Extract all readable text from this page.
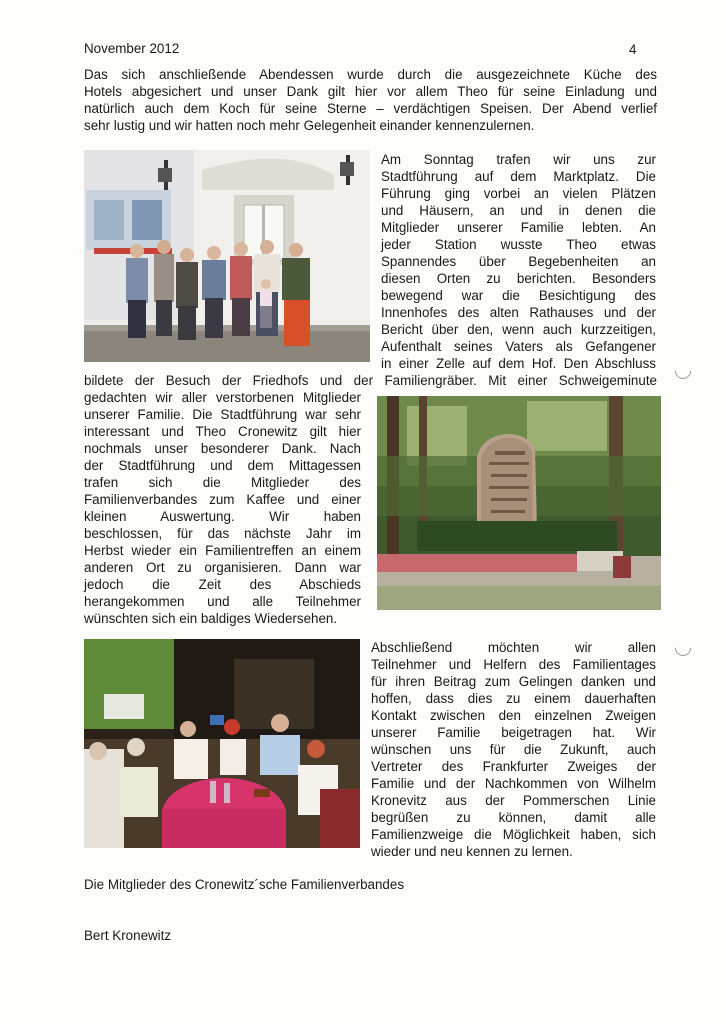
November 2012	4
Das sich anschließende Abendessen wurde durch die ausgezeichnete Küche des
Hotels abgesichert und unser Dank gilt hier vor allem Theo für seine Einladung und
natürlich auch dem Koch für seine Sterne – verdächtigen Speisen. Der Abend verlief
sehr lustig und wir hatten noch mehr Gelegenheit einander kennenzulernen.
Am Sonntag trafen wir uns zur
Stadtführung auf dem Marktplatz. Die
Führung ging vorbei an vielen Plätzen
und Häusern, an und in denen die
Mitglieder unserer Familie lebten. An
jeder Station wusste Theo etwas
Spannendes über Begebenheiten an
diesen Orten zu berichten. Besonders
bewegend war die Besichtigung des
Innenhofes des alten Rathauses und der
Bericht über den, wenn auch kurzzeitigen,
Aufenthalt seines Vaters als Gefangener
in einer Zelle auf dem Hof. Den Abschluss
bildete der Besuch der Friedhofs und der Familiengräber. Mit einer Schweigeminute
gedachten wir aller verstorbenen Mitglieder
unserer Familie. Die Stadtführung war sehr
interessant und Theo Cronewitz gilt hier
nochmals unser besonderer Dank. Nach
der Stadtführung und dem Mittagessen
trafen sich die Mitglieder des
Familienverbandes zum Kaffee und einer
kleinen Auswertung. Wir haben
beschlossen, für das nächste Jahr im
Herbst wieder ein Familientreffen an einem
anderen Ort zu organisieren. Dann war
jedoch die Zeit des Abschieds
herangekommen und alle Teilnehmer
wünschten sich ein baldiges Wiedersehen.
Abschließend möchten wir allen
Teilnehmer und Helfern des Familientages
für ihren Beitrag zum Gelingen danken und
hoffen, dass dies zu einem dauerhaften
Kontakt zwischen den einzelnen Zweigen
unserer Familie beigetragen hat. Wir
wünschen uns für die Zukunft, auch
Vertreter des Frankfurter Zweiges der
Familie und der Nachkommen von Wilhelm
Kronevitz aus der Pommerschen Linie
begrüßen zu können, damit alle
Familienzweige die Möglichkeit haben, sich
wieder und neu kennen zu lernen.
Die Mitglieder des Cronewitz´sche Familienverbandes
Bert Kronewitz
